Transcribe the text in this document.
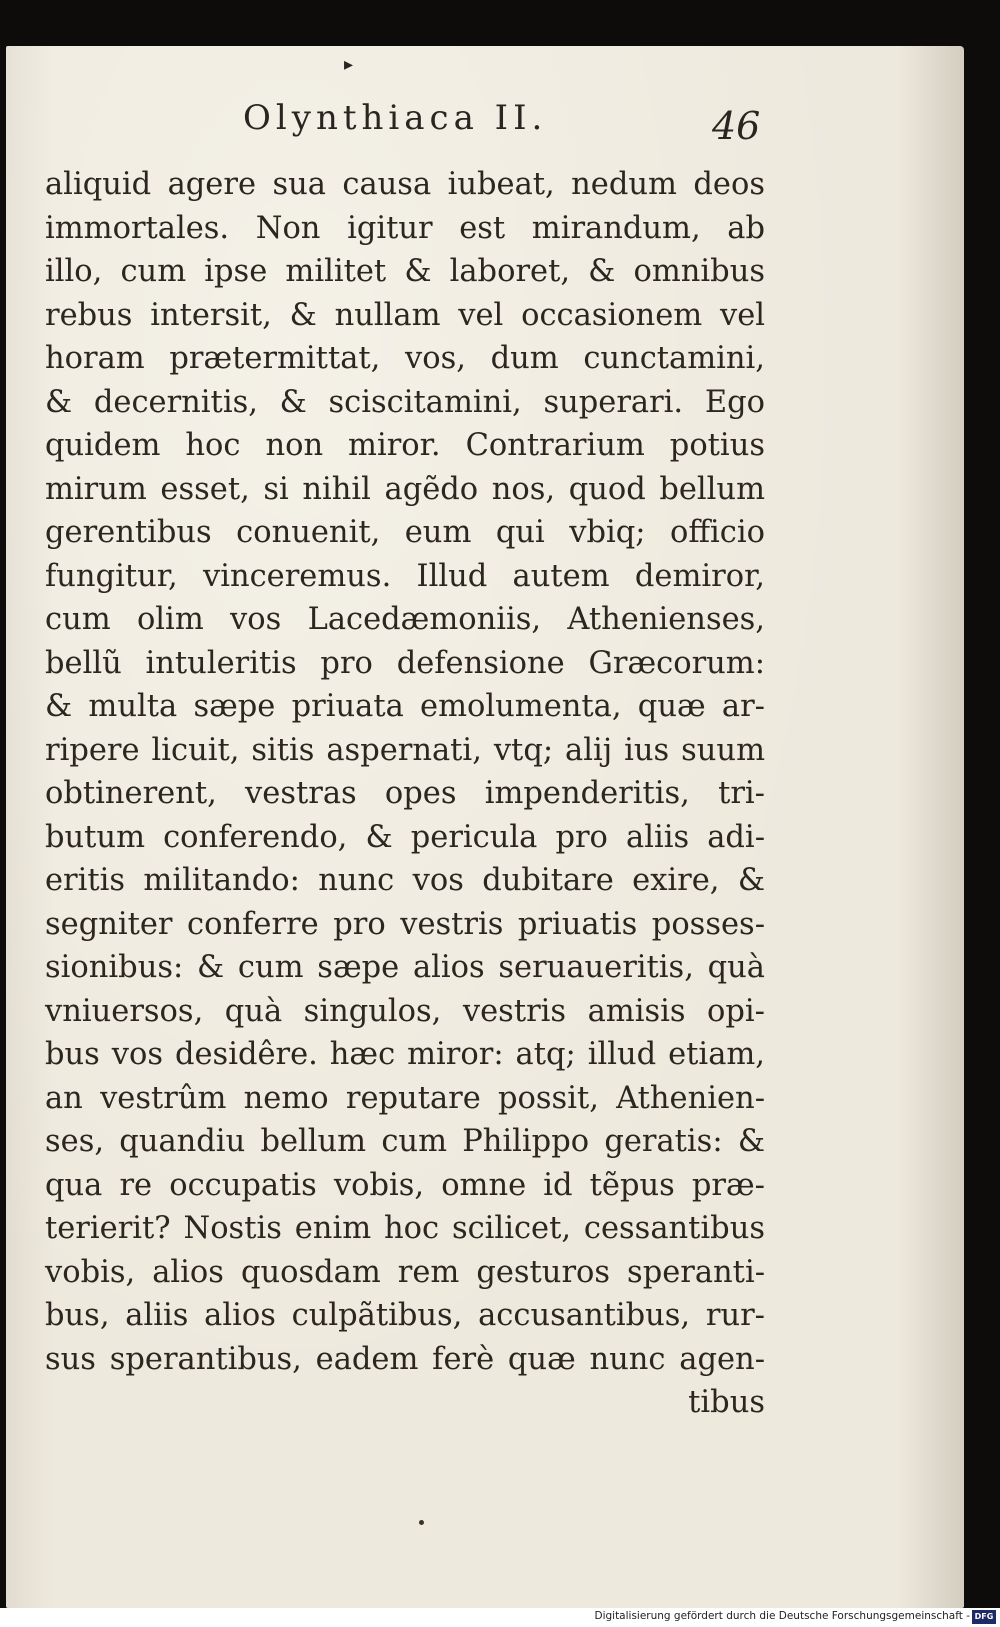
▸
Olynthiaca II.	46
aliquid agere sua causa iubeat, nedum deos
immortales. Non igitur est mirandum, ab
illo, cum ipse militet & laboret, & omnibus
rebus intersit, & nullam vel occasionem vel
horam prætermittat, vos, dum cunctamini,
& decernitis, & sciscitamini, superari. Ego
quidem hoc non miror. Contrarium potius
mirum esset, si nihil agẽdo nos, quod bellum
gerentibus conuenit, eum qui vbiq; officio
fungitur, vinceremus. Illud autem demiror,
cum olim vos Lacedæmoniis, Athenienses,
bellũ intuleritis pro defensione Græcorum:
& multa sæpe priuata emolumenta, quæ ar-
ripere licuit, sitis aspernati, vtq; alij ius suum
obtinerent, vestras opes impenderitis, tri-
butum conferendo, & pericula pro aliis adi-
eritis militando: nunc vos dubitare exire, &
segniter conferre pro vestris priuatis posses-
sionibus: & cum sæpe alios seruaueritis, quà
vniuersos, quà singulos, vestris amisis opi-
bus vos desidêre. hæc miror: atq; illud etiam,
an vestrûm nemo reputare possit, Athenien-
ses, quandiu bellum cum Philippo geratis: &
qua re occupatis vobis, omne id tẽpus præ-
terierit? Nostis enim hoc scilicet, cessantibus
vobis, alios quosdam rem gesturos speranti-
bus, aliis alios culpãtibus, accusantibus, rur-
sus sperantibus, eadem ferè quæ nunc agen-
tibus
Digitalisierung gefördert durch die Deutsche Forschungsgemeinschaft - DFG
